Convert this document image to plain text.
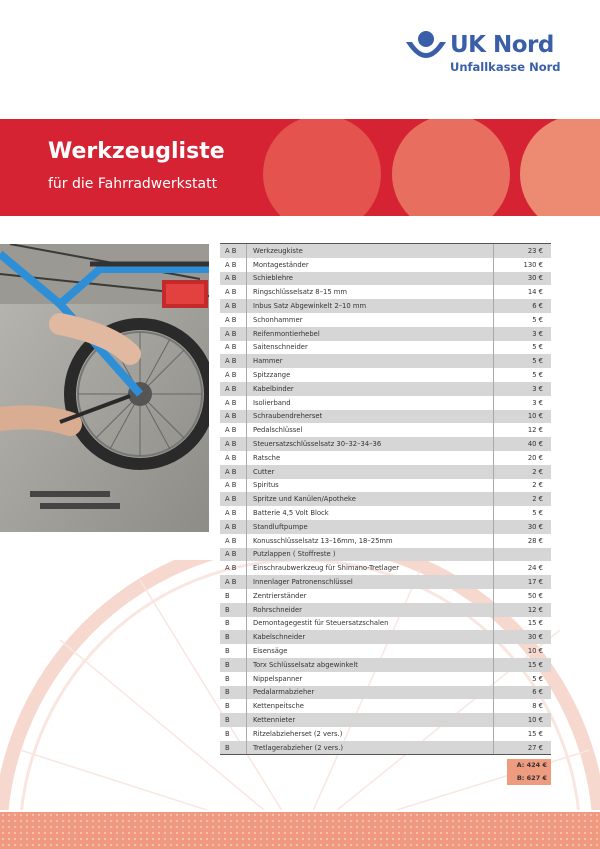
UK Nord
Unfallkasse Nord
Werkzeugliste
für die Fahrradwerkstatt
A B	Werkzeugkiste	23 €
A B	Montageständer	130 €
A B	Schieblehre	30 €
A B	Ringschlüsselsatz 8–15 mm	14 €
A B	Inbus Satz Abgewinkelt 2–10 mm	6 €
A B	Schonhammer	5 €
A B	Reifenmontierhebel	3 €
A B	Saitenschneider	5 €
A B	Hammer	5 €
A B	Spitzzange	5 €
A B	Kabelbinder	3 €
A B	Isolierband	3 €
A B	Schraubendreherset	10 €
A B	Pedalschlüssel	12 €
A B	Steuersatzschlüsselsatz 30–32–34–36	40 €
A B	Ratsche	20 €
A B	Cutter	2 €
A B	Spiritus	2 €
A B	Spritze und Kanülen/Apotheke	2 €
A B	Batterie 4,5 Volt Block	5 €
A B	Standluftpumpe	30 €
A B	Konusschlüsselsatz 13–16mm, 18–25mm	28 €
A B	Putzlappen ( Stoffreste )
A B	Einschraubwerkzeug für Shimano-Tretlager	24 €
A B	Innenlager Patronenschlüssel	17 €
B	Zentrierständer	50 €
B	Rohrschneider	12 €
B	Demontagegestit für Steuersatzschalen	15 €
B	Kabelschneider	30 €
B	Eisensäge	10 €
B	Torx Schlüsselsatz abgewinkelt	15 €
B	Nippelspanner	5 €
B	Pedalarmabzieher	6 €
B	Kettenpeitsche	8 €
B	Kettennieter	10 €
B	Ritzelabzieherset (2 vers.)	15 €
B	Tretlagerabzieher (2 vers.)	27 €
A: 424 €
B: 627 €
